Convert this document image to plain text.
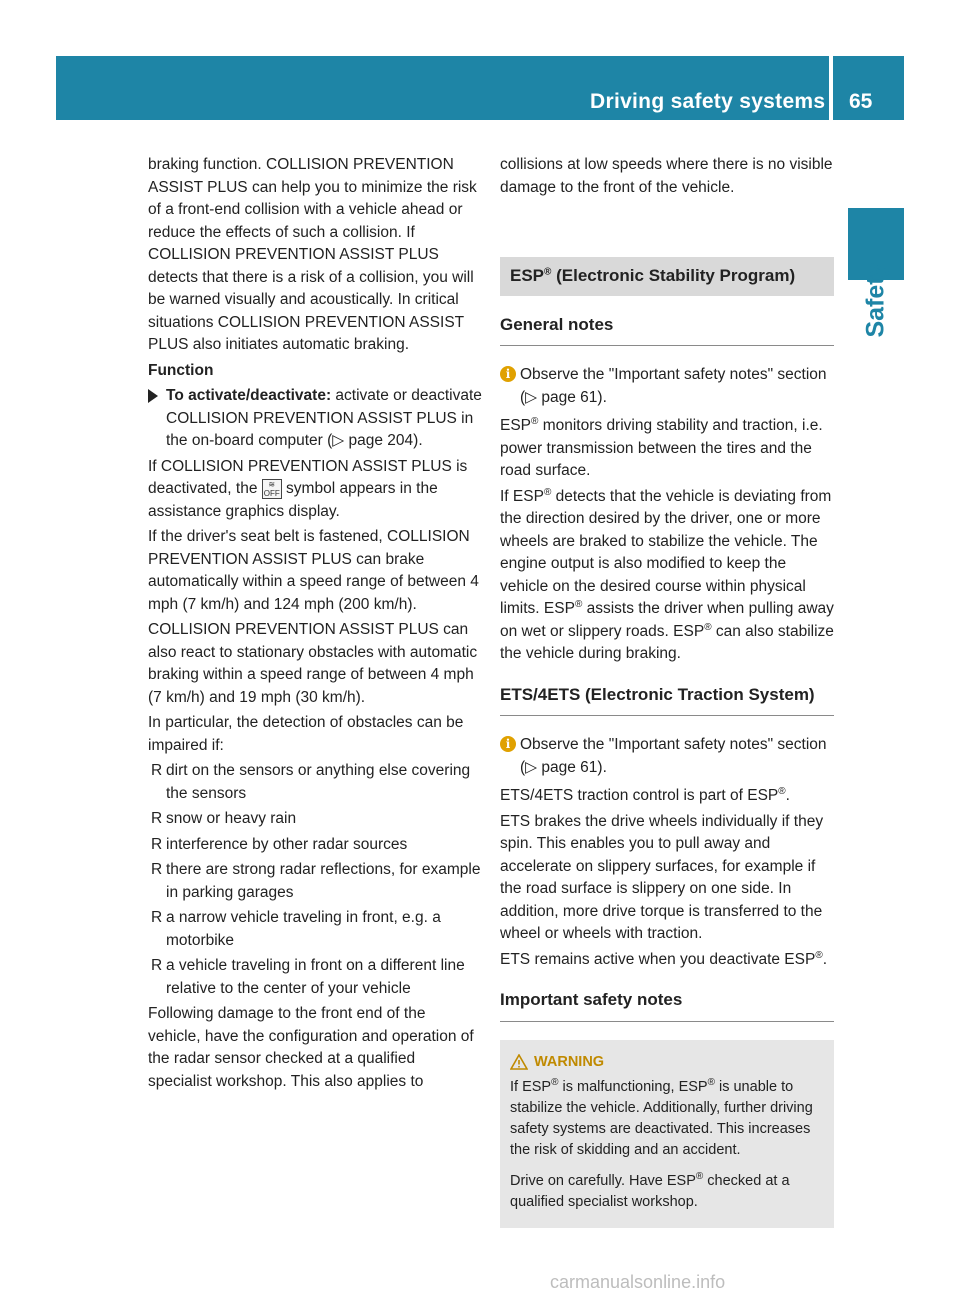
Driving safety systems 65
Safety

braking function. COLLISION PREVENTION ASSIST PLUS can help you to minimize the risk of a front-end collision with a vehicle ahead or reduce the effects of such a collision. If COLLISION PREVENTION ASSIST PLUS detects that there is a risk of a collision, you will be warned visually and acoustically. In critical situations COLLISION PREVENTION ASSIST PLUS also initiates automatic braking.

Function

To activate/deactivate: activate or deactivate COLLISION PREVENTION ASSIST PLUS in the on-board computer (▷ page 204).

If COLLISION PREVENTION ASSIST PLUS is deactivated, the ≋
OFF symbol appears in the assistance graphics display.

If the driver's seat belt is fastened, COLLISION PREVENTION ASSIST PLUS can brake automatically within a speed range of between 4 mph (7 km/h) and 124 mph (200 km/h).

COLLISION PREVENTION ASSIST PLUS can also react to stationary obstacles with automatic braking within a speed range of between 4 mph (7 km/h) and 19 mph (30 km/h).

In particular, the detection of obstacles can be impaired if:

R dirt on the sensors or anything else covering the sensors
R snow or heavy rain
R interference by other radar sources
R there are strong radar reflections, for example in parking garages
R a narrow vehicle traveling in front, e.g. a motorbike
R a vehicle traveling in front on a different line relative to the center of your vehicle

Following damage to the front end of the vehicle, have the configuration and operation of the radar sensor checked at a qualified specialist workshop. This also applies to

collisions at low speeds where there is no visible damage to the front of the vehicle.

ESP® (Electronic Stability Program)
General notes
i Observe the "Important safety notes" section (▷ page 61).

ESP® monitors driving stability and traction, i.e. power transmission between the tires and the road surface.

If ESP® detects that the vehicle is deviating from the direction desired by the driver, one or more wheels are braked to stabilize the vehicle. The engine output is also modified to keep the vehicle on the desired course within physical limits. ESP® assists the driver when pulling away on wet or slippery roads. ESP® can also stabilize the vehicle during braking.

ETS/4ETS (Electronic Traction System)
i Observe the "Important safety notes" section (▷ page 61).

ETS/4ETS traction control is part of ESP®.

ETS brakes the drive wheels individually if they spin. This enables you to pull away and accelerate on slippery surfaces, for example if the road surface is slippery on one side. In addition, more drive torque is transferred to the wheel or wheels with traction.

ETS remains active when you deactivate ESP®.

Important safety notes
WARNING

If ESP® is malfunctioning, ESP® is unable to stabilize the vehicle. Additionally, further driving safety systems are deactivated. This increases the risk of skidding and an accident.

Drive on carefully. Have ESP® checked at a qualified specialist workshop.

carmanualsonline.info
